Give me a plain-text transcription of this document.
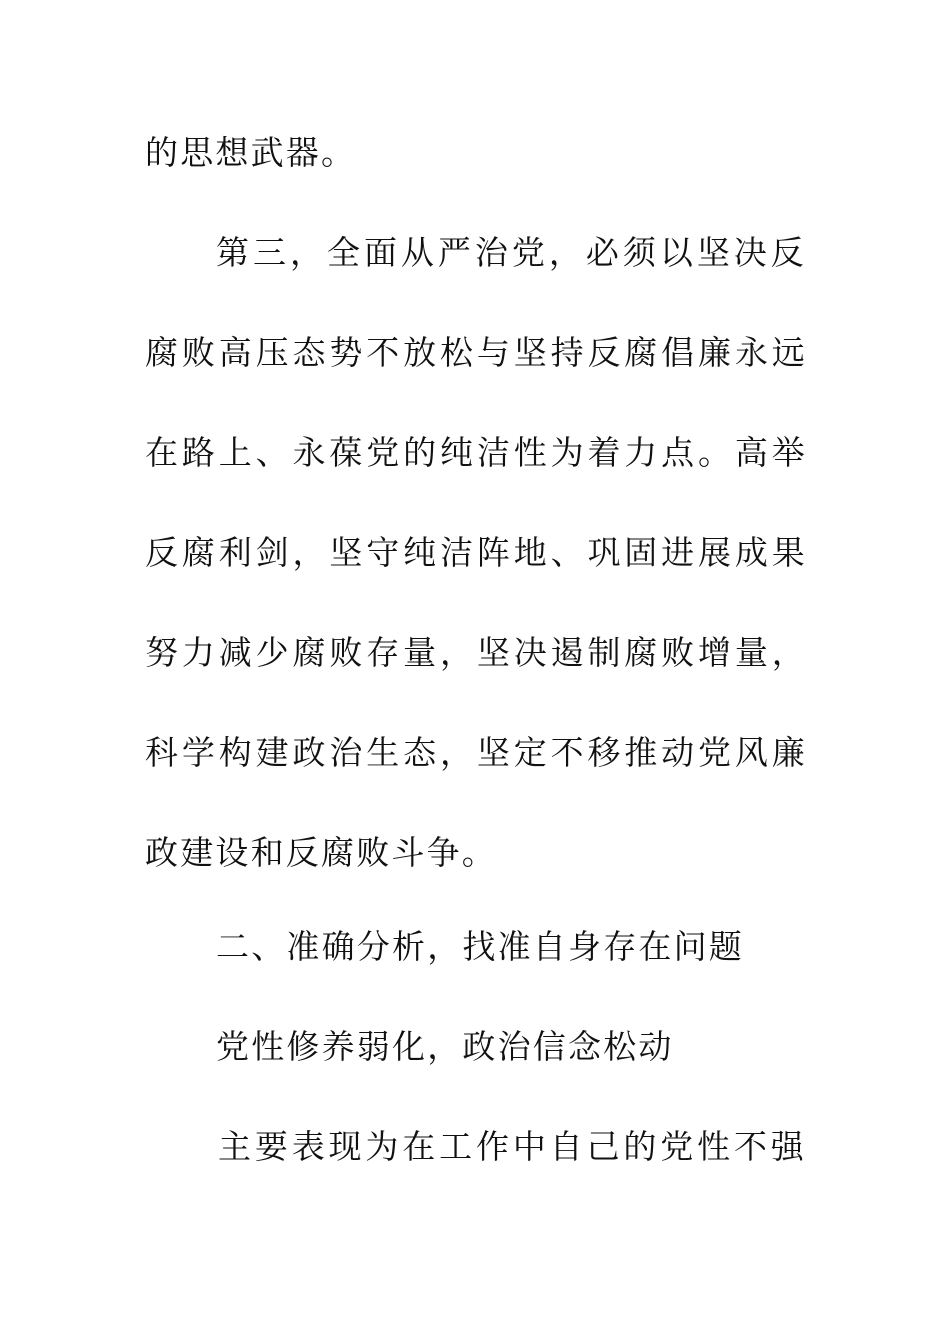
的思想武器。
第三，全面从严治党，必须以坚决反
腐败高压态势不放松与坚持反腐倡廉永远
在路上、永葆党的纯洁性为着力点。高举
反腐利剑，坚守纯洁阵地、巩固进展成果
努力减少腐败存量，坚决遏制腐败增量，
科学构建政治生态，坚定不移推动党风廉
政建设和反腐败斗争。
二、准确分析，找准自身存在问题
党性修养弱化，政治信念松动
主要表现为在工作中自己的党性不强
